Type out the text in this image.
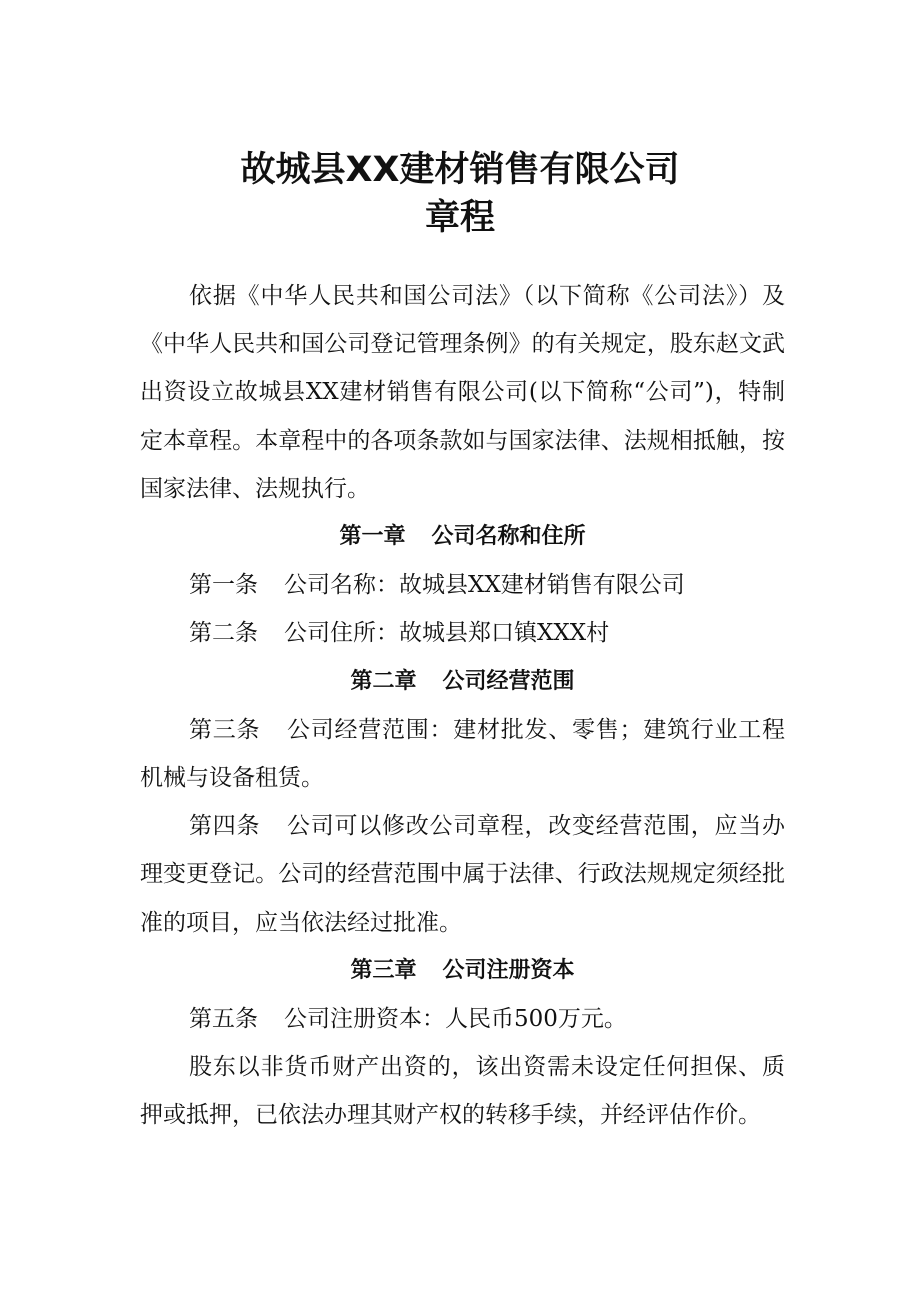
故城县XX建材销售有限公司
章程

依据《中华人民共和国公司法》（以下简称《公司法》）及《中华人民共和国公司登记管理条例》的有关规定，股东赵文武出资设立故城县XX建材销售有限公司(以下简称“公司”)，特制定本章程。本章程中的各项条款如与国家法律、法规相抵触，按国家法律、法规执行。

第一章 公司名称和住所

第一条 公司名称：故城县XX建材销售有限公司

第二条 公司住所：故城县郑口镇XXX村

第二章 公司经营范围

第三条 公司经营范围：建材批发、零售；建筑行业工程机械与设备租赁。

第四条 公司可以修改公司章程，改变经营范围，应当办理变更登记。公司的经营范围中属于法律、行政法规规定须经批准的项目，应当依法经过批准。

第三章 公司注册资本

第五条 公司注册资本：人民币500万元。

股东以非货币财产出资的，该出资需未设定任何担保、质押或抵押，已依法办理其财产权的转移手续，并经评估作价。
